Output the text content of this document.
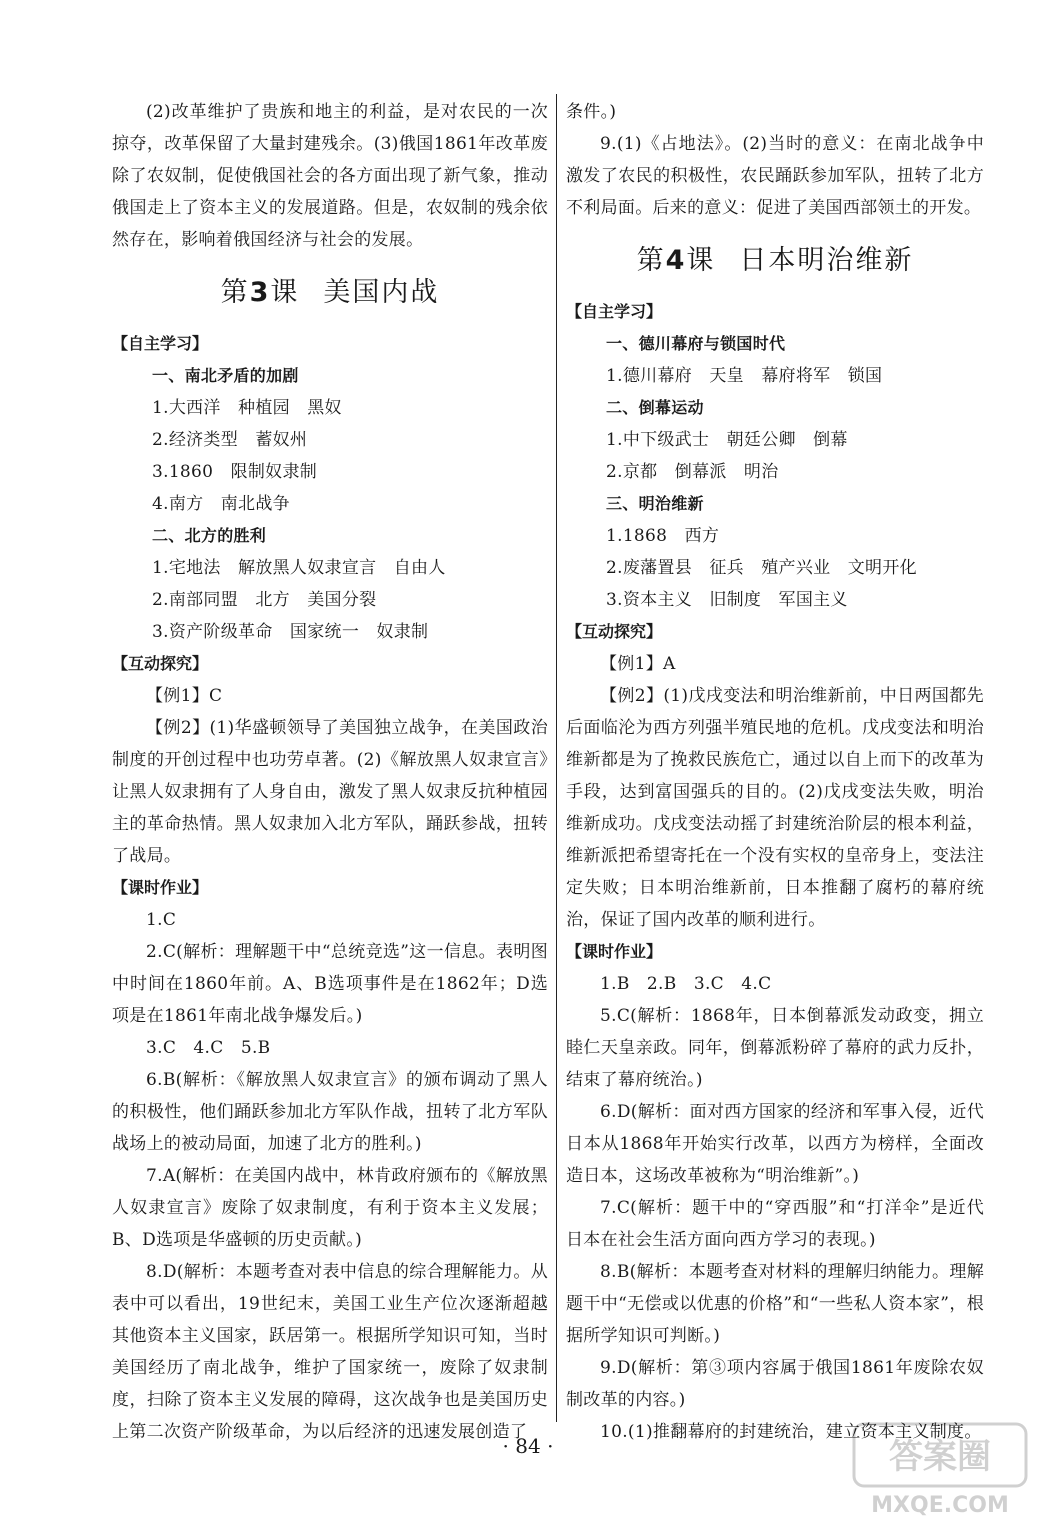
(2)改革维护了贵族和地主的利益，是对农民的一次掠夺，改革保留了大量封建残余。(3)俄国1861年改革废除了农奴制，促使俄国社会的各方面出现了新气象，推动俄国走上了资本主义的发展道路。但是，农奴制的残余依然存在，影响着俄国经济与社会的发展。

第3课 美国内战

【自主学习】

一、南北矛盾的加剧

1.大西洋　种植园　黑奴

2.经济类型　蓄奴州

3.1860　限制奴隶制

4.南方　南北战争

二、北方的胜利

1.宅地法　解放黑人奴隶宣言　自由人

2.南部同盟　北方　美国分裂

3.资产阶级革命　国家统一　奴隶制

【互动探究】

【例1】C

【例2】(1)华盛顿领导了美国独立战争，在美国政治制度的开创过程中也功劳卓著。(2)《解放黑人奴隶宣言》让黑人奴隶拥有了人身自由，激发了黑人奴隶反抗种植园主的革命热情。黑人奴隶加入北方军队，踊跃参战，扭转了战局。

【课时作业】

1.C

2.C(解析：理解题干中“总统竞选”这一信息。表明图中时间在1860年前。A、B选项事件是在1862年；D选项是在1861年南北战争爆发后。)

3.C　4.C　5.B

6.B(解析：《解放黑人奴隶宣言》的颁布调动了黑人的积极性，他们踊跃参加北方军队作战，扭转了北方军队战场上的被动局面，加速了北方的胜利。)

7.A(解析：在美国内战中，林肯政府颁布的《解放黑人奴隶宣言》废除了奴隶制度，有利于资本主义发展；B、D选项是华盛顿的历史贡献。)

8.D(解析：本题考查对表中信息的综合理解能力。从表中可以看出，19世纪末，美国工业生产位次逐渐超越其他资本主义国家，跃居第一。根据所学知识可知，当时美国经历了南北战争，维护了国家统一，废除了奴隶制度，扫除了资本主义发展的障碍，这次战争也是美国历史上第二次资产阶级革命，为以后经济的迅速发展创造了

条件。)

9.(1)《占地法》。(2)当时的意义：在南北战争中激发了农民的积极性，农民踊跃参加军队，扭转了北方不利局面。后来的意义：促进了美国西部领土的开发。

第4课 日本明治维新

【自主学习】

一、德川幕府与锁国时代

1.德川幕府　天皇　幕府将军　锁国

二、倒幕运动

1.中下级武士　朝廷公卿　倒幕

2.京都　倒幕派　明治

三、明治维新

1.1868　西方

2.废藩置县　征兵　殖产兴业　文明开化

3.资本主义　旧制度　军国主义

【互动探究】

【例1】A

【例2】(1)戊戌变法和明治维新前，中日两国都先后面临沦为西方列强半殖民地的危机。戊戌变法和明治维新都是为了挽救民族危亡，通过以自上而下的改革为手段，达到富国强兵的目的。(2)戊戌变法失败，明治维新成功。戊戌变法动摇了封建统治阶层的根本利益，维新派把希望寄托在一个没有实权的皇帝身上，变法注定失败；日本明治维新前，日本推翻了腐朽的幕府统治，保证了国内改革的顺利进行。

【课时作业】

1.B　2.B　3.C　4.C

5.C(解析：1868年，日本倒幕派发动政变，拥立睦仁天皇亲政。同年，倒幕派粉碎了幕府的武力反扑，结束了幕府统治。)

6.D(解析：面对西方国家的经济和军事入侵，近代日本从1868年开始实行改革，以西方为榜样，全面改造日本，这场改革被称为“明治维新”。)

7.C(解析：题干中的“穿西服”和“打洋伞”是近代日本在社会生活方面向西方学习的表现。)

8.B(解析：本题考查对材料的理解归纳能力。理解题干中“无偿或以优惠的价格”和“一些私人资本家”，根据所学知识可判断。)

9.D(解析：第③项内容属于俄国1861年废除农奴制改革的内容。)

10.(1)推翻幕府的封建统治，建立资本主义制度。

· 84 ·	答案圈
MXQE.COM
